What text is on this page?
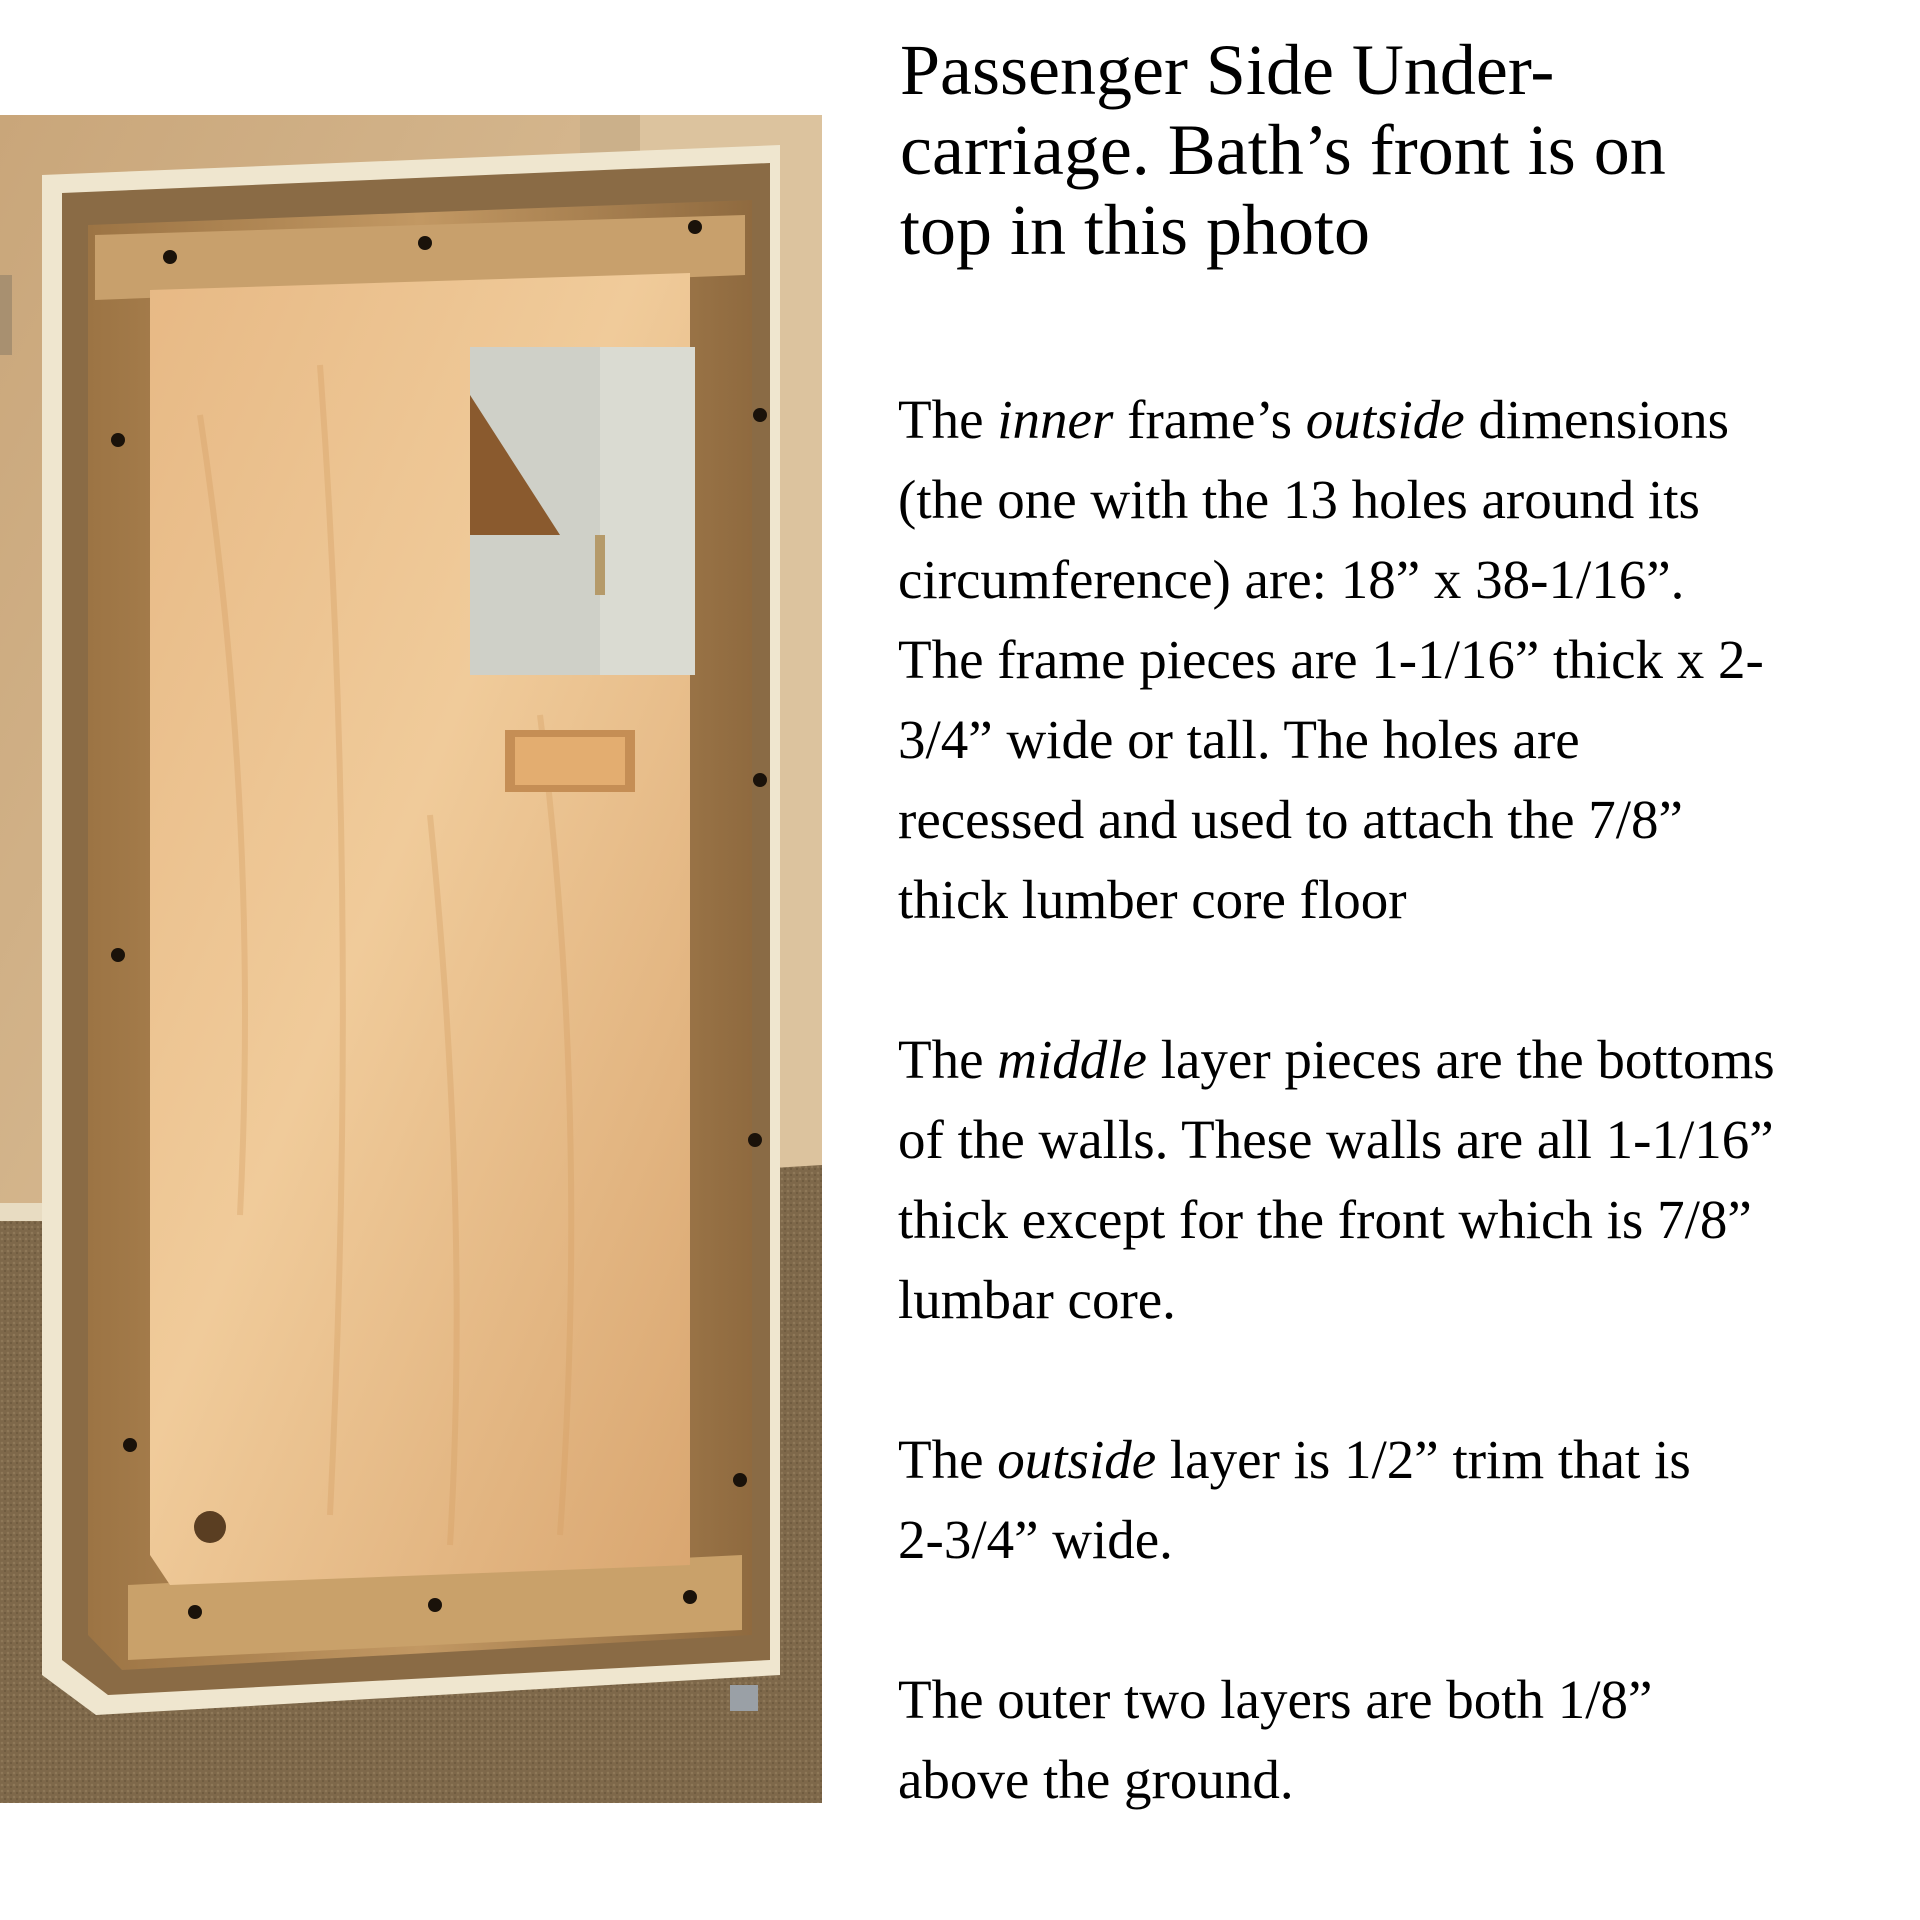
Passenger Side Under-
carriage. Bath’s front is on
top in this photo

The inner frame’s outside dimensions
(the one with the 13 holes around its
circumference) are: 18” x 38-1/16”.
The frame pieces are 1-1/16” thick x 2-
3/4” wide or tall. The holes are
recessed and used to attach the 7/8”
thick lumber core floor

The middle layer pieces are the bottoms
of the walls. These walls are all 1-1/16”
thick except for the front which is 7/8”
lumbar core.

The outside layer is 1/2” trim that is
2-3/4” wide.

The outer two layers are both 1/8”
above the ground.
